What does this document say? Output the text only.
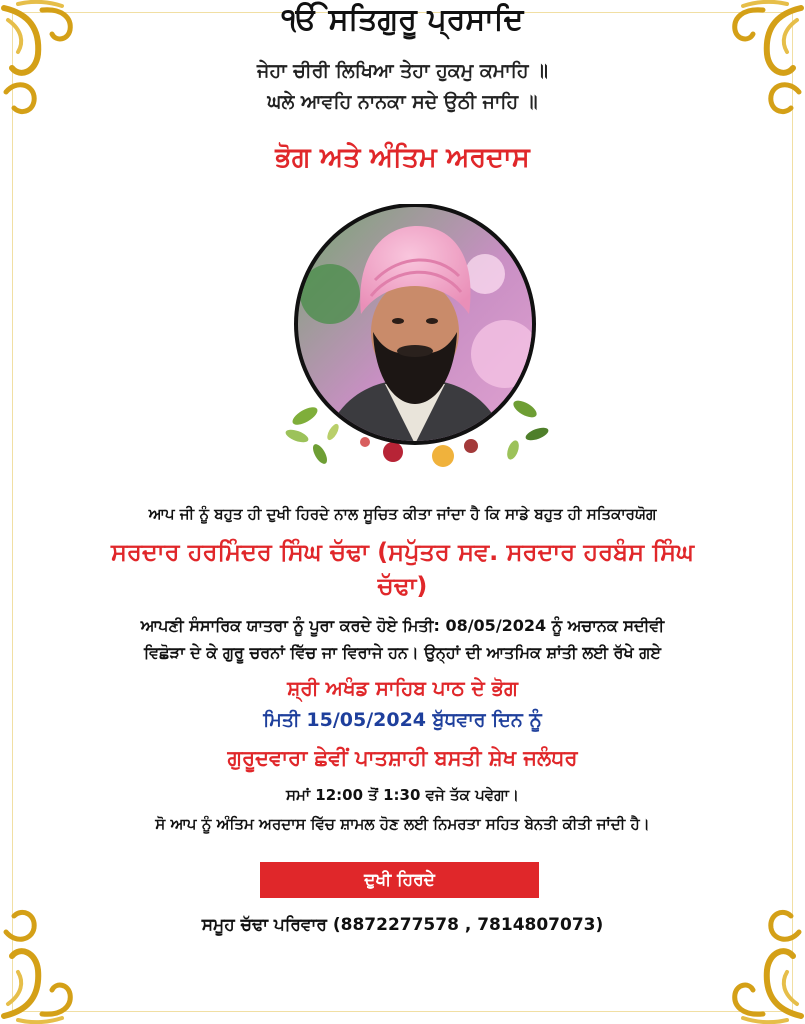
ੴ ਸਤਿਗੁਰੂ ਪ੍ਰਸਾਦਿ
ਜੇਹਾ ਚੀਰੀ ਲਿਖਿਆ ਤੇਹਾ ਹੁਕਮੁ ਕਮਾਹਿ ॥
ਘਲੇ ਆਵਹਿ ਨਾਨਕਾ ਸਦੇ ਉਠੀ ਜਾਹਿ ॥
ਭੋਗ ਅਤੇ ਅੰਤਿਮ ਅਰਦਾਸ
ਆਪ ਜੀ ਨੂੰ ਬਹੁਤ ਹੀ ਦੁਖੀ ਹਿਰਦੇ ਨਾਲ ਸੂਚਿਤ ਕੀਤਾ ਜਾਂਦਾ ਹੈ ਕਿ ਸਾਡੇ ਬਹੁਤ ਹੀ ਸਤਿਕਾਰਯੋਗ
ਸਰਦਾਰ ਹਰਮਿੰਦਰ ਸਿੰਘ ਚੱਢਾ (ਸਪੁੱਤਰ ਸਵ. ਸਰਦਾਰ ਹਰਬੰਸ ਸਿੰਘ
ਚੱਢਾ)
ਆਪਣੀ ਸੰਸਾਰਿਕ ਯਾਤਰਾ ਨੂੰ ਪੂਰਾ ਕਰਦੇ ਹੋਏ ਮਿਤੀ: 08/05/2024 ਨੂੰ ਅਚਾਨਕ ਸਦੀਵੀ
ਵਿਛੋੜਾ ਦੇ ਕੇ ਗੁਰੂ ਚਰਨਾਂ ਵਿੱਚ ਜਾ ਵਿਰਾਜੇ ਹਨ। ਉਨ੍ਹਾਂ ਦੀ ਆਤਮਿਕ ਸ਼ਾਂਤੀ ਲਈ ਰੱਖੇ ਗਏ
ਸ਼੍ਰੀ ਅਖੰਡ ਸਾਹਿਬ ਪਾਠ ਦੇ ਭੋਗ
ਮਿਤੀ 15/05/2024 ਬੁੱਧਵਾਰ ਦਿਨ ਨੂੰ
ਗੁਰੂਦਵਾਰਾ ਛੇਵੀਂ ਪਾਤਸ਼ਾਹੀ ਬਸਤੀ ਸ਼ੇਖ ਜਲੰਧਰ
ਸਮਾਂ 12:00 ਤੋਂ 1:30 ਵਜੇ ਤੱਕ ਪਵੇਗਾ।
ਸੋ ਆਪ ਨੂੰ ਅੰਤਿਮ ਅਰਦਾਸ ਵਿੱਚ ਸ਼ਾਮਲ ਹੋਣ ਲਈ ਨਿਮਰਤਾ ਸਹਿਤ ਬੇਨਤੀ ਕੀਤੀ ਜਾਂਦੀ ਹੈ।
ਦੁਖੀ ਹਿਰਦੇ
ਸਮੂਹ ਚੱਢਾ ਪਰਿਵਾਰ (8872277578 , 7814807073)
